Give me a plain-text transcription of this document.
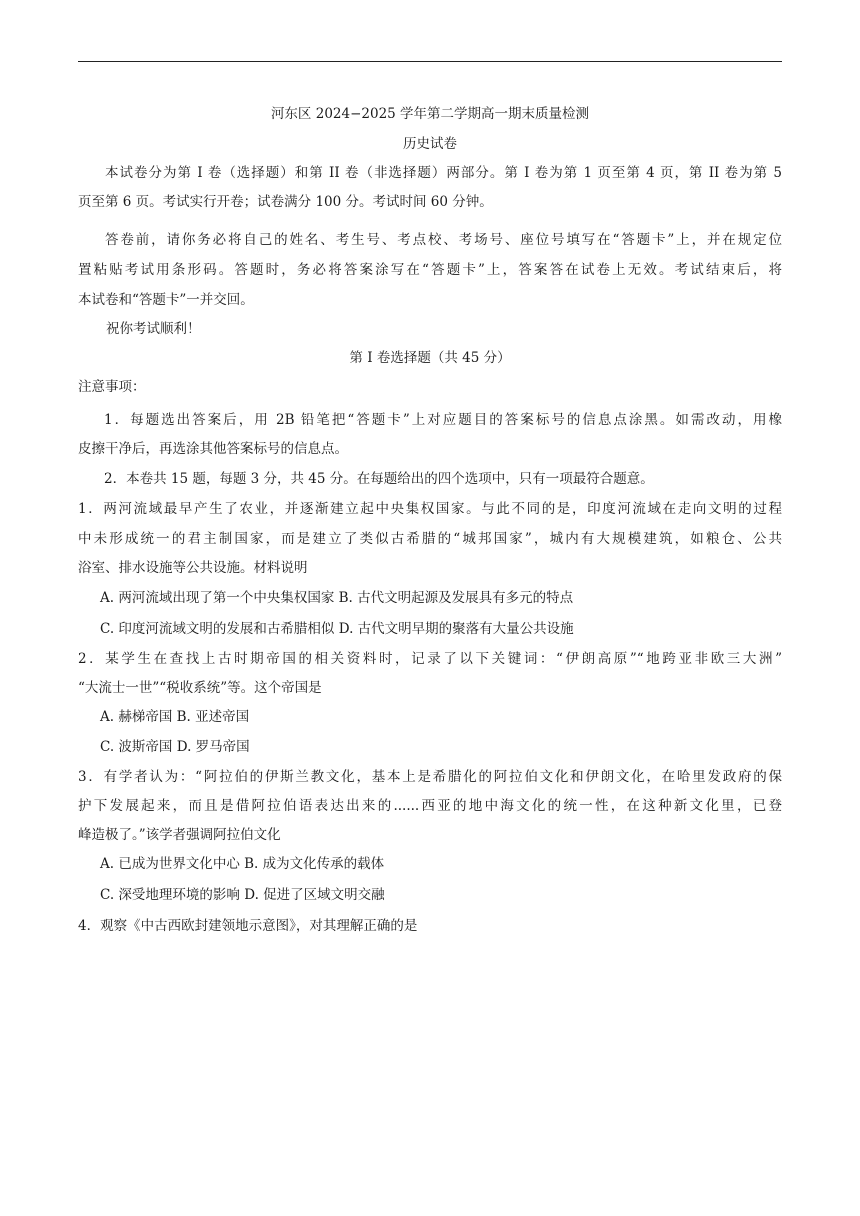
河东区 2024−2025 学年第二学期高一期末质量检测
历史试卷
本试卷分为第 I 卷（选择题）和第 II 卷（非选择题）两部分。第 I 卷为第 1 页至第 4 页，第 II 卷为第 5
页至第 6 页。考试实行开卷；试卷满分 100 分。考试时间 60 分钟。
答卷前，请你务必将自己的姓名、考生号、考点校、考场号、座位号填写在“答题卡”上，并在规定位
置粘贴考试用条形码。答题时，务必将答案涂写在“答题卡”上，答案答在试卷上无效。考试结束后，将
本试卷和“答题卡”一并交回。
祝你考试顺利！
第 I 卷选择题（共 45 分）
注意事项：
1．每题选出答案后，用 2B 铅笔把“答题卡”上对应题目的答案标号的信息点涂黑。如需改动，用橡
皮擦干净后，再选涂其他答案标号的信息点。
2．本卷共 15 题，每题 3 分，共 45 分。在每题给出的四个选项中，只有一项最符合题意。
1．两河流域最早产生了农业，并逐渐建立起中央集权国家。与此不同的是，印度河流域在走向文明的过程
中未形成统一的君主制国家，而是建立了类似古希腊的“城邦国家”，城内有大规模建筑，如粮仓、公共
浴室、排水设施等公共设施。材料说明
A. 两河流域出现了第一个中央集权国家 B. 古代文明起源及发展具有多元的特点
C. 印度河流域文明的发展和古希腊相似 D. 古代文明早期的聚落有大量公共设施
2．某学生在查找上古时期帝国的相关资料时，记录了以下关键词：“伊朗高原”“地跨亚非欧三大洲”
“大流士一世”“税收系统”等。这个帝国是
A. 赫梯帝国 B. 亚述帝国
C. 波斯帝国 D. 罗马帝国
3．有学者认为：“阿拉伯的伊斯兰教文化，基本上是希腊化的阿拉伯文化和伊朗文化，在哈里发政府的保
护下发展起来，而且是借阿拉伯语表达出来的......西亚的地中海文化的统一性，在这种新文化里，已登
峰造极了。”该学者强调阿拉伯文化
A. 已成为世界文化中心 B. 成为文化传承的载体
C. 深受地理环境的影响 D. 促进了区域文明交融
4．观察《中古西欧封建领地示意图》，对其理解正确的是
